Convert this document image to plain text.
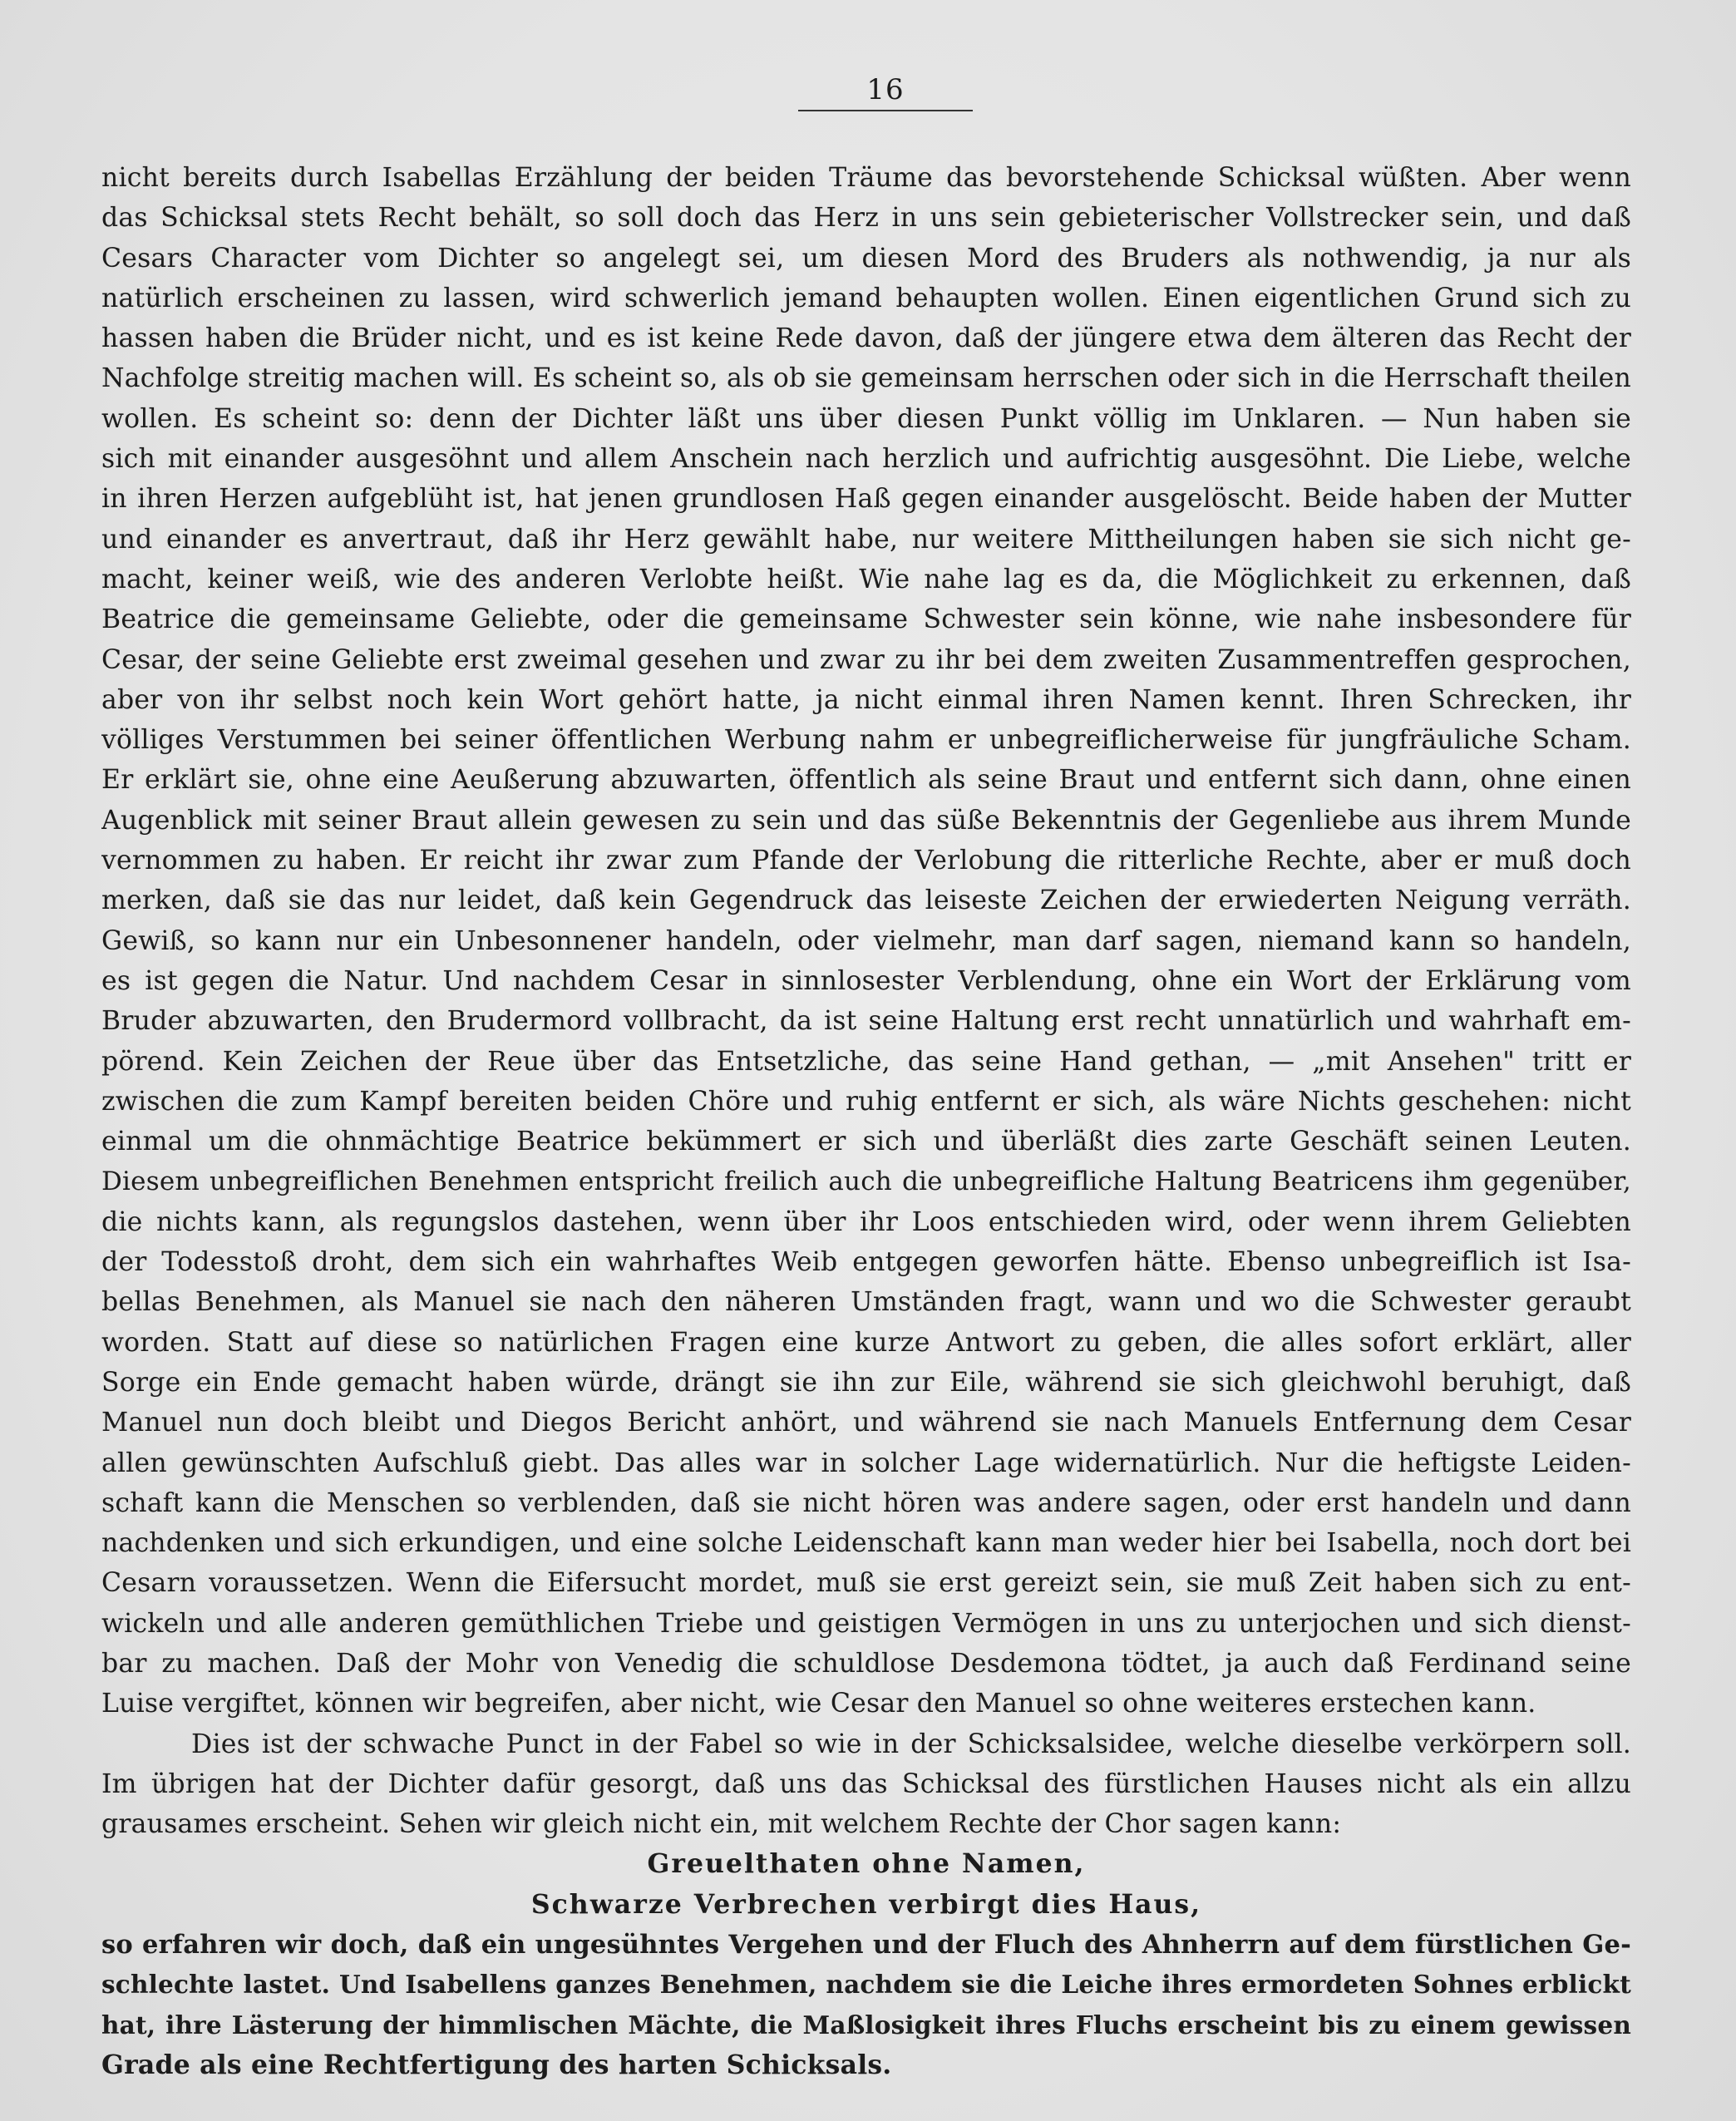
16
nicht bereits durch Isabellas Erzählung der beiden Träume das bevorstehende Schicksal wüßten. Aber wenn
das Schicksal stets Recht behält, so soll doch das Herz in uns sein gebieterischer Vollstrecker sein, und daß
Cesars Character vom Dichter so angelegt sei, um diesen Mord des Bruders als nothwendig, ja nur als
natürlich erscheinen zu lassen, wird schwerlich jemand behaupten wollen. Einen eigentlichen Grund sich zu
hassen haben die Brüder nicht, und es ist keine Rede davon, daß der jüngere etwa dem älteren das Recht der
Nachfolge streitig machen will. Es scheint so, als ob sie gemeinsam herrschen oder sich in die Herrschaft theilen
wollen. Es scheint so: denn der Dichter läßt uns über diesen Punkt völlig im Unklaren. — Nun haben sie
sich mit einander ausgesöhnt und allem Anschein nach herzlich und aufrichtig ausgesöhnt. Die Liebe, welche
in ihren Herzen aufgeblüht ist, hat jenen grundlosen Haß gegen einander ausgelöscht. Beide haben der Mutter
und einander es anvertraut, daß ihr Herz gewählt habe, nur weitere Mittheilungen haben sie sich nicht ge-
macht, keiner weiß, wie des anderen Verlobte heißt. Wie nahe lag es da, die Möglichkeit zu erkennen, daß
Beatrice die gemeinsame Geliebte, oder die gemeinsame Schwester sein könne, wie nahe insbesondere für
Cesar, der seine Geliebte erst zweimal gesehen und zwar zu ihr bei dem zweiten Zusammentreffen gesprochen,
aber von ihr selbst noch kein Wort gehört hatte, ja nicht einmal ihren Namen kennt. Ihren Schrecken, ihr
völliges Verstummen bei seiner öffentlichen Werbung nahm er unbegreiflicherweise für jungfräuliche Scham.
Er erklärt sie, ohne eine Aeußerung abzuwarten, öffentlich als seine Braut und entfernt sich dann, ohne einen
Augenblick mit seiner Braut allein gewesen zu sein und das süße Bekenntnis der Gegenliebe aus ihrem Munde
vernommen zu haben. Er reicht ihr zwar zum Pfande der Verlobung die ritterliche Rechte, aber er muß doch
merken, daß sie das nur leidet, daß kein Gegendruck das leiseste Zeichen der erwiederten Neigung verräth.
Gewiß, so kann nur ein Unbesonnener handeln, oder vielmehr, man darf sagen, niemand kann so handeln,
es ist gegen die Natur. Und nachdem Cesar in sinnlosester Verblendung, ohne ein Wort der Erklärung vom
Bruder abzuwarten, den Brudermord vollbracht, da ist seine Haltung erst recht unnatürlich und wahrhaft em-
pörend. Kein Zeichen der Reue über das Entsetzliche, das seine Hand gethan, — „mit Ansehen" tritt er
zwischen die zum Kampf bereiten beiden Chöre und ruhig entfernt er sich, als wäre Nichts geschehen: nicht
einmal um die ohnmächtige Beatrice bekümmert er sich und überläßt dies zarte Geschäft seinen Leuten.
Diesem unbegreiflichen Benehmen entspricht freilich auch die unbegreifliche Haltung Beatricens ihm gegenüber,
die nichts kann, als regungslos dastehen, wenn über ihr Loos entschieden wird, oder wenn ihrem Geliebten
der Todesstoß droht, dem sich ein wahrhaftes Weib entgegen geworfen hätte. Ebenso unbegreiflich ist Isa-
bellas Benehmen, als Manuel sie nach den näheren Umständen fragt, wann und wo die Schwester geraubt
worden. Statt auf diese so natürlichen Fragen eine kurze Antwort zu geben, die alles sofort erklärt, aller
Sorge ein Ende gemacht haben würde, drängt sie ihn zur Eile, während sie sich gleichwohl beruhigt, daß
Manuel nun doch bleibt und Diegos Bericht anhört, und während sie nach Manuels Entfernung dem Cesar
allen gewünschten Aufschluß giebt. Das alles war in solcher Lage widernatürlich. Nur die heftigste Leiden-
schaft kann die Menschen so verblenden, daß sie nicht hören was andere sagen, oder erst handeln und dann
nachdenken und sich erkundigen, und eine solche Leidenschaft kann man weder hier bei Isabella, noch dort bei
Cesarn voraussetzen. Wenn die Eifersucht mordet, muß sie erst gereizt sein, sie muß Zeit haben sich zu ent-
wickeln und alle anderen gemüthlichen Triebe und geistigen Vermögen in uns zu unterjochen und sich dienst-
bar zu machen. Daß der Mohr von Venedig die schuldlose Desdemona tödtet, ja auch daß Ferdinand seine
Luise vergiftet, können wir begreifen, aber nicht, wie Cesar den Manuel so ohne weiteres erstechen kann.
Dies ist der schwache Punct in der Fabel so wie in der Schicksalsidee, welche dieselbe verkörpern soll.
Im übrigen hat der Dichter dafür gesorgt, daß uns das Schicksal des fürstlichen Hauses nicht als ein allzu
grausames erscheint. Sehen wir gleich nicht ein, mit welchem Rechte der Chor sagen kann:
Greuelthaten ohne Namen,
Schwarze Verbrechen verbirgt dies Haus,
so erfahren wir doch, daß ein ungesühntes Vergehen und der Fluch des Ahnherrn auf dem fürstlichen Ge-
schlechte lastet. Und Isabellens ganzes Benehmen, nachdem sie die Leiche ihres ermordeten Sohnes erblickt
hat, ihre Lästerung der himmlischen Mächte, die Maßlosigkeit ihres Fluchs erscheint bis zu einem gewissen
Grade als eine Rechtfertigung des harten Schicksals.
